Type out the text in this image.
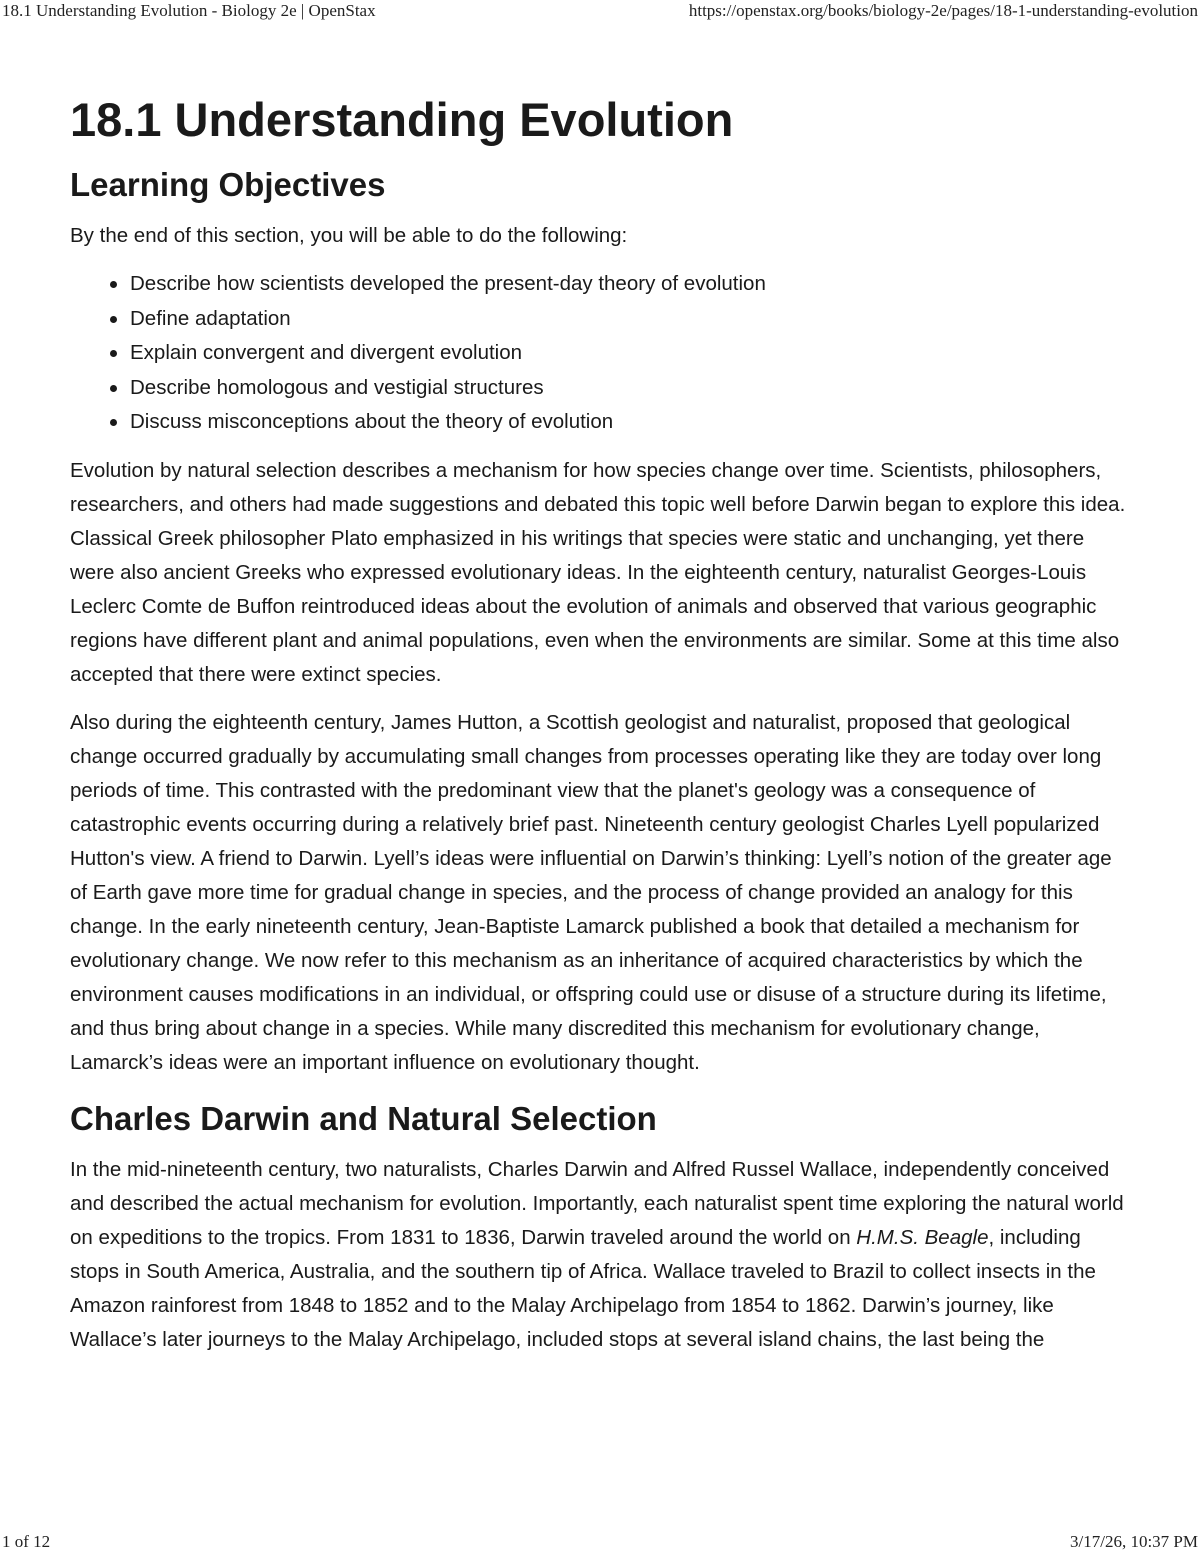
18.1 Understanding Evolution - Biology 2e | OpenStax	https://openstax.org/books/biology-2e/pages/18-1-understanding-evolution
18.1 Understanding Evolution
Learning Objectives

By the end of this section, you will be able to do the following:

Describe how scientists developed the present-day theory of evolution
Define adaptation
Explain convergent and divergent evolution
Describe homologous and vestigial structures
Discuss misconceptions about the theory of evolution

Evolution by natural selection describes a mechanism for how species change over time. Scientists, philosophers, researchers, and others had made suggestions and debated this topic well before Darwin began to explore this idea. Classical Greek philosopher Plato emphasized in his writings that species were static and unchanging, yet there were also ancient Greeks who expressed evolutionary ideas. In the eighteenth century, naturalist Georges-Louis Leclerc Comte de Buffon reintroduced ideas about the evolution of animals and observed that various geographic regions have different plant and animal populations, even when the environments are similar. Some at this time also accepted that there were extinct species.

Also during the eighteenth century, James Hutton, a Scottish geologist and naturalist, proposed that geological change occurred gradually by accumulating small changes from processes operating like they are today over long periods of time. This contrasted with the predominant view that the planet's geology was a consequence of catastrophic events occurring during a relatively brief past. Nineteenth century geologist Charles Lyell popularized Hutton's view. A friend to Darwin. Lyell’s ideas were influential on Darwin’s thinking: Lyell’s notion of the greater age of Earth gave more time for gradual change in species, and the process of change provided an analogy for this change. In the early nineteenth century, Jean-Baptiste Lamarck published a book that detailed a mechanism for evolutionary change. We now refer to this mechanism as an inheritance of acquired characteristics by which the environment causes modifications in an individual, or offspring could use or disuse of a structure during its lifetime, and thus bring about change in a species. While many discredited this mechanism for evolutionary change, Lamarck’s ideas were an important influence on evolutionary thought.

Charles Darwin and Natural Selection

In the mid-nineteenth century, two naturalists, Charles Darwin and Alfred Russel Wallace, independently conceived and described the actual mechanism for evolution. Importantly, each naturalist spent time exploring the natural world on expeditions to the tropics. From 1831 to 1836, Darwin traveled around the world on H.M.S. Beagle, including stops in South America, Australia, and the southern tip of Africa. Wallace traveled to Brazil to collect insects in the Amazon rainforest from 1848 to 1852 and to the Malay Archipelago from 1854 to 1862. Darwin’s journey, like Wallace’s later journeys to the Malay Archipelago, included stops at several island chains, the last being the

1 of 12	3/17/26, 10:37 PM
